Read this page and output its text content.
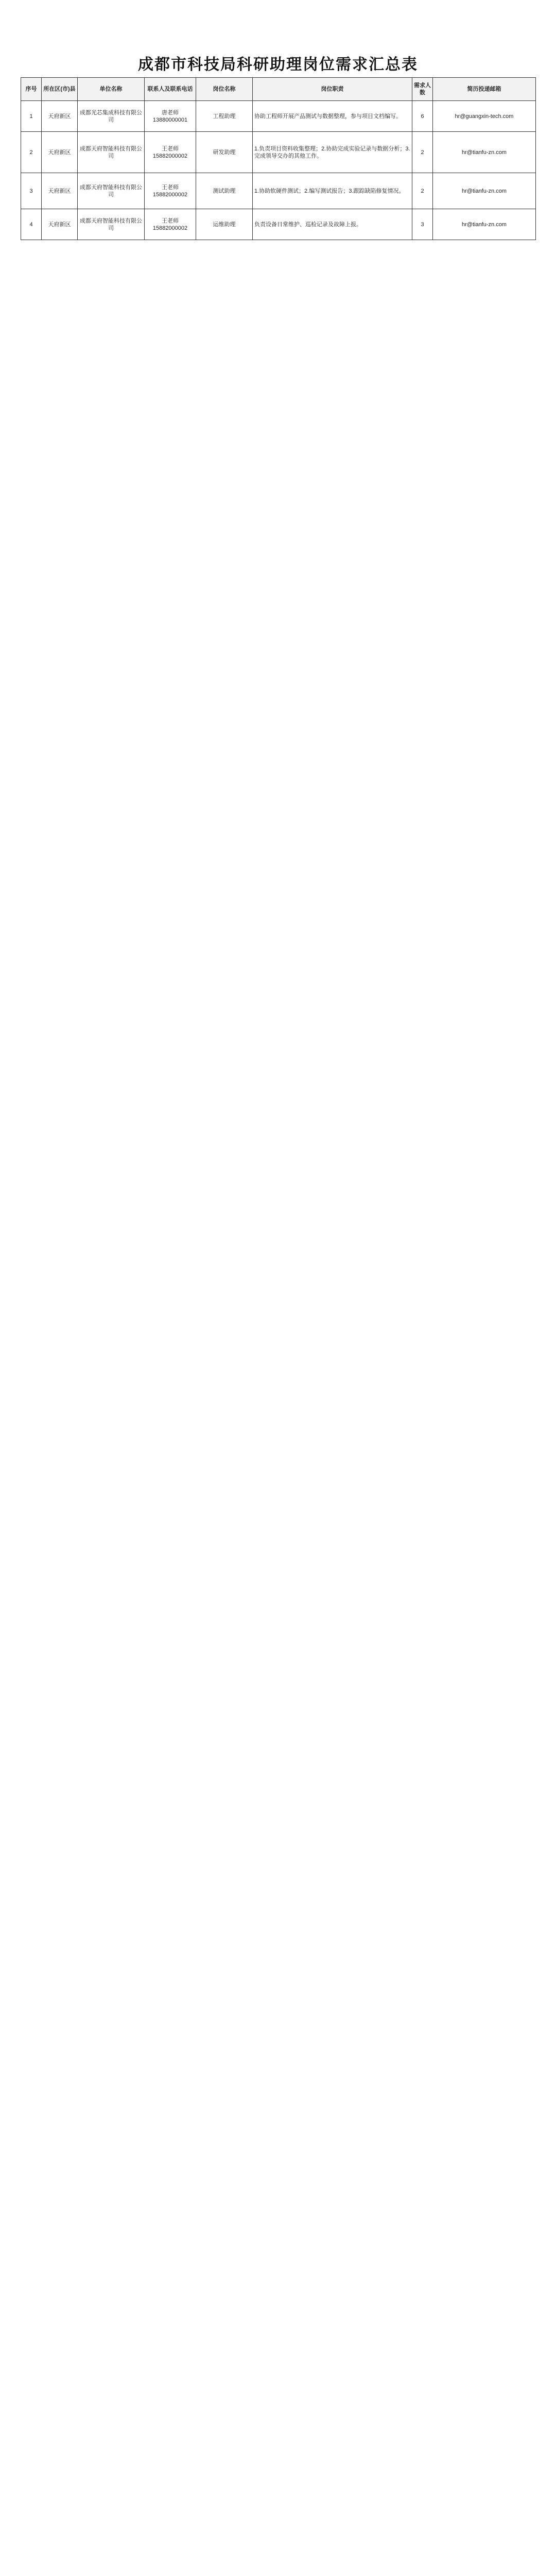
成都市科技局科研助理岗位需求汇总表
序号	所在区(市)县	单位名称	联系人及联系电话	岗位名称	岗位职责	需求人数	简历投递邮箱
1	天府新区	成都光芯集成科技有限公司	唐老师 13880000001	工程助理	协助工程师开展产品测试与数据整理，参与项目文档编写。	6	hr@guangxin-tech.com
2	天府新区	成都天府智能科技有限公司	王老师 15882000002	研发助理	1.负责项目资料收集整理；2.协助完成实验记录与数据分析；3.完成领导交办的其他工作。	2	hr@tianfu-zn.com
3	天府新区	成都天府智能科技有限公司	王老师 15882000002	测试助理	1.协助软硬件测试；2.编写测试报告；3.跟踪缺陷修复情况。	2	hr@tianfu-zn.com
4	天府新区	成都天府智能科技有限公司	王老师 15882000002	运维助理	负责设备日常维护、巡检记录及故障上报。	3	hr@tianfu-zn.com
